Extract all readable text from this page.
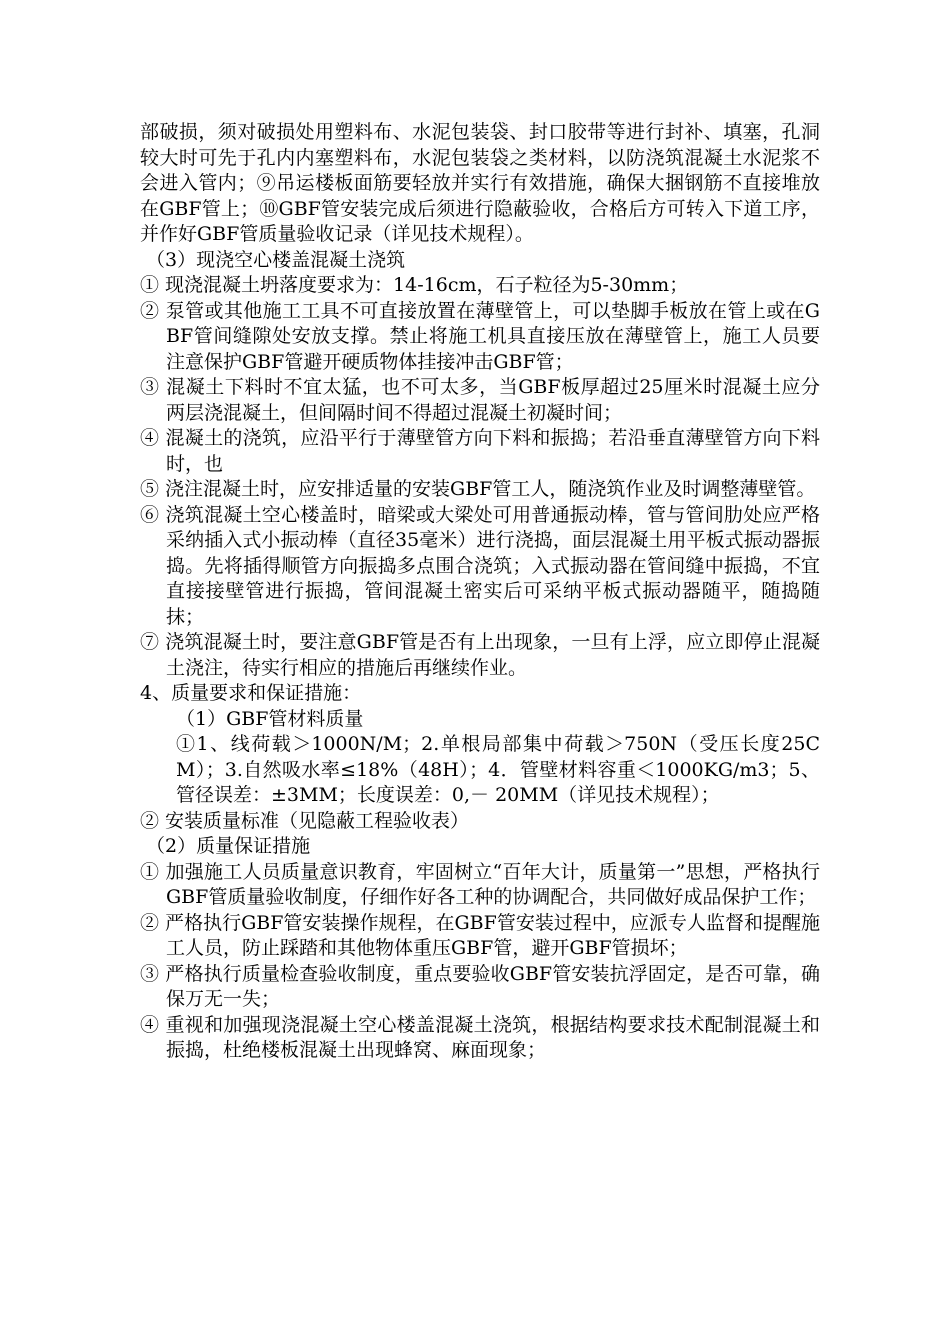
部破损，须对破损处用塑料布、水泥包装袋、封口胶带等进行封补、填塞，孔洞较大时可先于孔内内塞塑料布，水泥包装袋之类材料，以防浇筑混凝土水泥浆不会进入管内；⑨吊运楼板面筋要轻放并实行有效措施，确保大捆钢筋不直接堆放在GBF管上；⑩GBF管安装完成后须进行隐蔽验收，合格后方可转入下道工序，并作好GBF管质量验收记录（详见技术规程）。

（3）现浇空心楼盖混凝土浇筑

① 现浇混凝土坍落度要求为：14-16cm，石子粒径为5-30mm；

② 泵管或其他施工工具不可直接放置在薄壁管上，可以垫脚手板放在管上或在GBF管间缝隙处安放支撑。禁止将施工机具直接压放在薄壁管上，施工人员要注意保护GBF管避开硬质物体挂接冲击GBF管；

③ 混凝土下料时不宜太猛，也不可太多，当GBF板厚超过25厘米时混凝土应分两层浇混凝土，但间隔时间不得超过混凝土初凝时间；

④ 混凝土的浇筑，应沿平行于薄壁管方向下料和振捣；若沿垂直薄壁管方向下料时，也

⑤ 浇注混凝土时，应安排适量的安装GBF管工人，随浇筑作业及时调整薄壁管。

⑥ 浇筑混凝土空心楼盖时，暗梁或大梁处可用普通振动棒，管与管间肋处应严格采纳插入式小振动棒（直径35毫米）进行浇捣，面层混凝土用平板式振动器振捣。先将插得顺管方向振捣多点围合浇筑；入式振动器在管间缝中振捣，不宜直接接壁管进行振捣，管间混凝土密实后可采纳平板式振动器随平，随捣随抹；

⑦ 浇筑混凝土时，要注意GBF管是否有上出现象，一旦有上浮，应立即停止混凝土浇注，待实行相应的措施后再继续作业。

4、质量要求和保证措施：

（1）GBF管材料质量

①1、线荷载＞1000N/M；2.单根局部集中荷载＞750N（受压长度25CM）；3.自然吸水率≤18%（48H）；4．管壁材料容重＜1000KG/m3；5、管径误差：±3MM；长度误差：0,－ 20MM（详见技术规程）；

② 安装质量标准（见隐蔽工程验收表）

（2）质量保证措施

① 加强施工人员质量意识教育，牢固树立“百年大计，质量第一”思想，严格执行GBF管质量验收制度，仔细作好各工种的协调配合，共同做好成品保护工作；

② 严格执行GBF管安装操作规程，在GBF管安装过程中，应派专人监督和提醒施工人员，防止踩踏和其他物体重压GBF管，避开GBF管损坏；

③ 严格执行质量检查验收制度，重点要验收GBF管安装抗浮固定，是否可靠，确保万无一失；

④ 重视和加强现浇混凝土空心楼盖混凝土浇筑，根据结构要求技术配制混凝土和振捣，杜绝楼板混凝土出现蜂窝、麻面现象；
